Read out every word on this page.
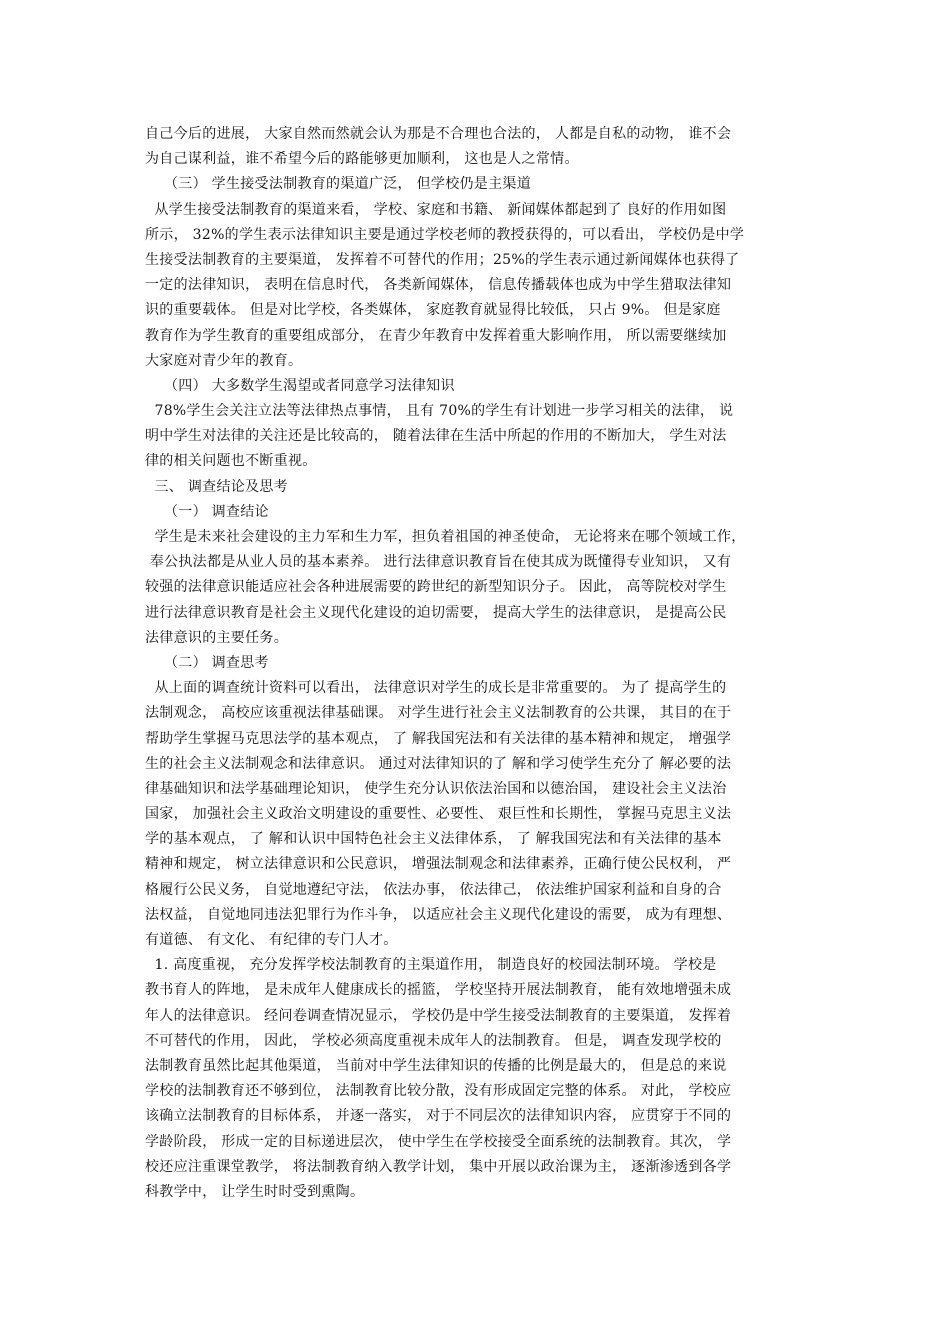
自己今后的进展， 大家自然而然就会认为那是不合理也合法的， 人都是自私的动物， 谁不会
为自己谋利益，谁不希望今后的路能够更加顺利， 这也是人之常情。
（三） 学生接受法制教育的渠道广泛， 但学校仍是主渠道
从学生接受法制教育的渠道来看， 学校、家庭和书籍、 新闻媒体都起到了 良好的作用如图
所示， 32%的学生表示法律知识主要是通过学校老师的教授获得的，可以看出， 学校仍是中学
生接受法制教育的主要渠道， 发挥着不可替代的作用；25%的学生表示通过新闻媒体也获得了
一定的法律知识， 表明在信息时代， 各类新闻媒体， 信息传播载体也成为中学生猎取法律知
识的重要载体。 但是对比学校，各类媒体， 家庭教育就显得比较低， 只占 9%。 但是家庭
教育作为学生教育的重要组成部分， 在青少年教育中发挥着重大影响作用， 所以需要继续加
大家庭对青少年的教育。
（四） 大多数学生渴望或者同意学习法律知识
78%学生会关注立法等法律热点事情， 且有 70%的学生有计划进一步学习相关的法律， 说
明中学生对法律的关注还是比较高的， 随着法律在生活中所起的作用的不断加大， 学生对法
律的相关问题也不断重视。
三、 调查结论及思考
（一） 调查结论
学生是未来社会建设的主力军和生力军，担负着祖国的神圣使命， 无论将来在哪个领域工作，
奉公执法都是从业人员的基本素养。 进行法律意识教育旨在使其成为既懂得专业知识， 又有
较强的法律意识能适应社会各种进展需要的跨世纪的新型知识分子。 因此， 高等院校对学生
进行法律意识教育是社会主义现代化建设的迫切需要， 提高大学生的法律意识， 是提高公民
法律意识的主要任务。
（二） 调查思考
从上面的调查统计资料可以看出， 法律意识对学生的成长是非常重要的。 为了 提高学生的
法制观念， 高校应该重视法律基础课。 对学生进行社会主义法制教育的公共课， 其目的在于
帮助学生掌握马克思法学的基本观点， 了 解我国宪法和有关法律的基本精神和规定， 增强学
生的社会主义法制观念和法律意识。 通过对法律知识的了 解和学习使学生充分了 解必要的法
律基础知识和法学基础理论知识， 使学生充分认识依法治国和以德治国， 建设社会主义法治
国家， 加强社会主义政治文明建设的重要性、必要性、 艰巨性和长期性， 掌握马克思主义法
学的基本观点， 了 解和认识中国特色社会主义法律体系， 了 解我国宪法和有关法律的基本
精神和规定， 树立法律意识和公民意识， 增强法制观念和法律素养，正确行使公民权利， 严
格履行公民义务， 自觉地遵纪守法， 依法办事， 依法律己， 依法维护国家利益和自身的合
法权益， 自觉地同违法犯罪行为作斗争， 以适应社会主义现代化建设的需要， 成为有理想、
有道德、 有文化、 有纪律的专门人才。
1. 高度重视， 充分发挥学校法制教育的主渠道作用， 制造良好的校园法制环境。 学校是
教书育人的阵地， 是未成年人健康成长的摇篮， 学校坚持开展法制教育， 能有效地增强未成
年人的法律意识。 经问卷调查情况显示， 学校仍是中学生接受法制教育的主要渠道， 发挥着
不可替代的作用， 因此， 学校必须高度重视未成年人的法制教育。 但是， 调查发现学校的
法制教育虽然比起其他渠道， 当前对中学生法律知识的传播的比例是最大的， 但是总的来说
学校的法制教育还不够到位， 法制教育比较分散，没有形成固定完整的体系。 对此， 学校应
该确立法制教育的目标体系， 并逐一落实， 对于不同层次的法律知识内容， 应贯穿于不同的
学龄阶段， 形成一定的目标递进层次， 使中学生在学校接受全面系统的法制教育。其次， 学
校还应注重课堂教学， 将法制教育纳入教学计划， 集中开展以政治课为主， 逐渐渗透到各学
科教学中， 让学生时时受到熏陶。
